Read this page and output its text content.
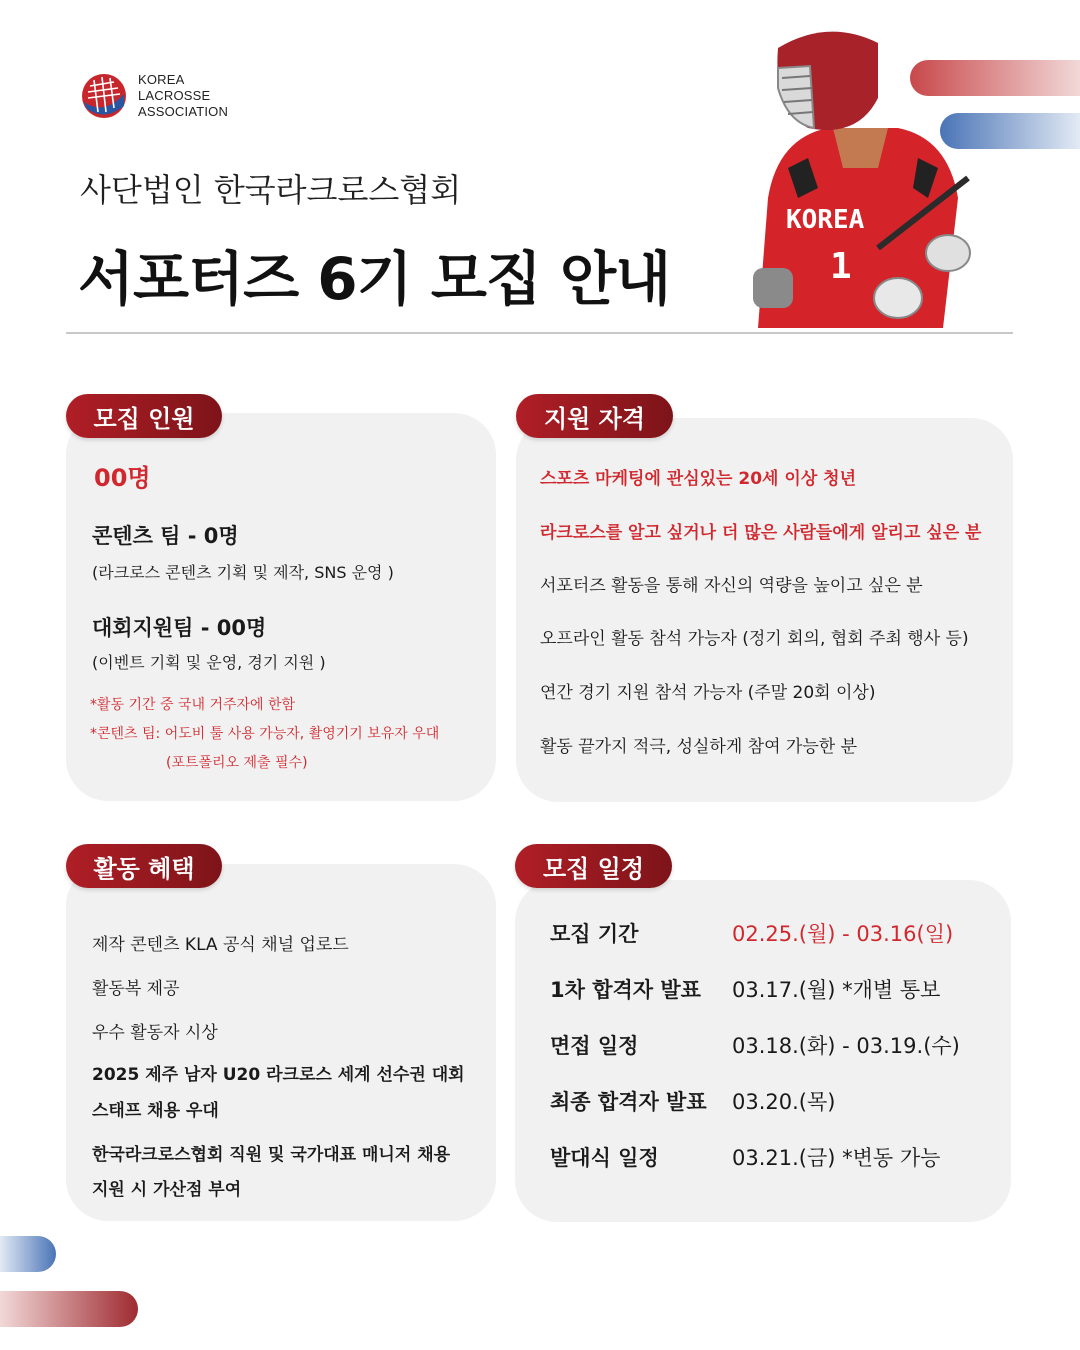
KOREA
LACROSSE
ASSOCIATION
사단법인 한국라크로스협회
서포터즈 6기 모집 안내
KOREA
1
모집 인원	지원 자격
활동 혜택	모집 일정
00명
콘텐츠 팀 - 0명
(라크로스 콘텐츠 기획 및 제작, SNS 운영 )
대회지원팀 - 00명
(이벤트 기획 및 운영, 경기 지원 )
*활동 기간 중 국내 거주자에 한함
*콘텐츠 팀: 어도비 툴 사용 가능자, 촬영기기 보유자 우대
(포트폴리오 제출 필수)
스포츠 마케팅에 관심있는 20세 이상 청년
라크로스를 알고 싶거나 더 많은 사람들에게 알리고 싶은 분
서포터즈 활동을 통해 자신의 역량을 높이고 싶은 분
오프라인 활동 참석 가능자 (정기 회의, 협회 주최 행사 등)
연간 경기 지원 참석 가능자 (주말 20회 이상)
활동 끝가지 적극, 성실하게 참여 가능한 분
제작 콘텐츠 KLA 공식 채널 업로드
활동복 제공
우수 활동자 시상
2025 제주 남자 U20 라크로스 세계 선수권 대회
스태프 채용 우대
한국라크로스협회 직원 및 국가대표 매니저 채용
지원 시 가산점 부여
모집 기간	02.25.(월) - 03.16(일)
1차 합격자 발표 03.17.(월) *개별 통보
면접 일정	03.18.(화) - 03.19.(수)
최종 합격자 발표 03.20.(목)
발대식 일정	03.21.(금) *변동 가능
